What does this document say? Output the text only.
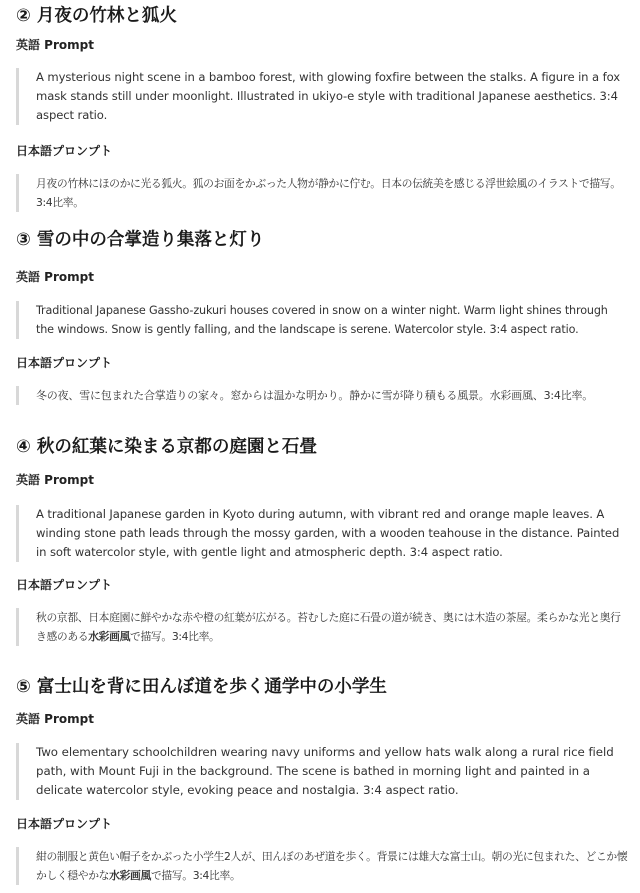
② 月夜の竹林と狐火
英語 Prompt

A mysterious night scene in a bamboo forest, with glowing foxfire between the stalks. A figure in a fox mask stands still under moonlight. Illustrated in ukiyo-e style with traditional Japanese aesthetics. 3:4 aspect ratio.

日本語プロンプト

月夜の竹林にほのかに光る狐火。狐のお面をかぶった人物が静かに佇む。日本の伝統美を感じる浮世絵風のイラストで描写。3:4比率。

③ 雪の中の合掌造り集落と灯り
英語 Prompt

Traditional Japanese Gassho-zukuri houses covered in snow on a winter night. Warm light shines through the windows. Snow is gently falling, and the landscape is serene. Watercolor style. 3:4 aspect ratio.

日本語プロンプト

冬の夜、雪に包まれた合掌造りの家々。窓からは温かな明かり。静かに雪が降り積もる風景。水彩画風、3:4比率。

④ 秋の紅葉に染まる京都の庭園と石畳
英語 Prompt

A traditional Japanese garden in Kyoto during autumn, with vibrant red and orange maple leaves. A winding stone path leads through the mossy garden, with a wooden teahouse in the distance. Painted in soft watercolor style, with gentle light and atmospheric depth. 3:4 aspect ratio.

日本語プロンプト

秋の京都、日本庭園に鮮やかな赤や橙の紅葉が広がる。苔むした庭に石畳の道が続き、奥には木造の茶屋。柔らかな光と奥行き感のある水彩画風で描写。3:4比率。

⑤ 富士山を背に田んぼ道を歩く通学中の小学生
英語 Prompt

Two elementary schoolchildren wearing navy uniforms and yellow hats walk along a rural rice field path, with Mount Fuji in the background. The scene is bathed in morning light and painted in a delicate watercolor style, evoking peace and nostalgia. 3:4 aspect ratio.

日本語プロンプト

紺の制服と黄色い帽子をかぶった小学生2人が、田んぼのあぜ道を歩く。背景には雄大な富士山。朝の光に包まれた、どこか懐かしく穏やかな水彩画風で描写。3:4比率。
